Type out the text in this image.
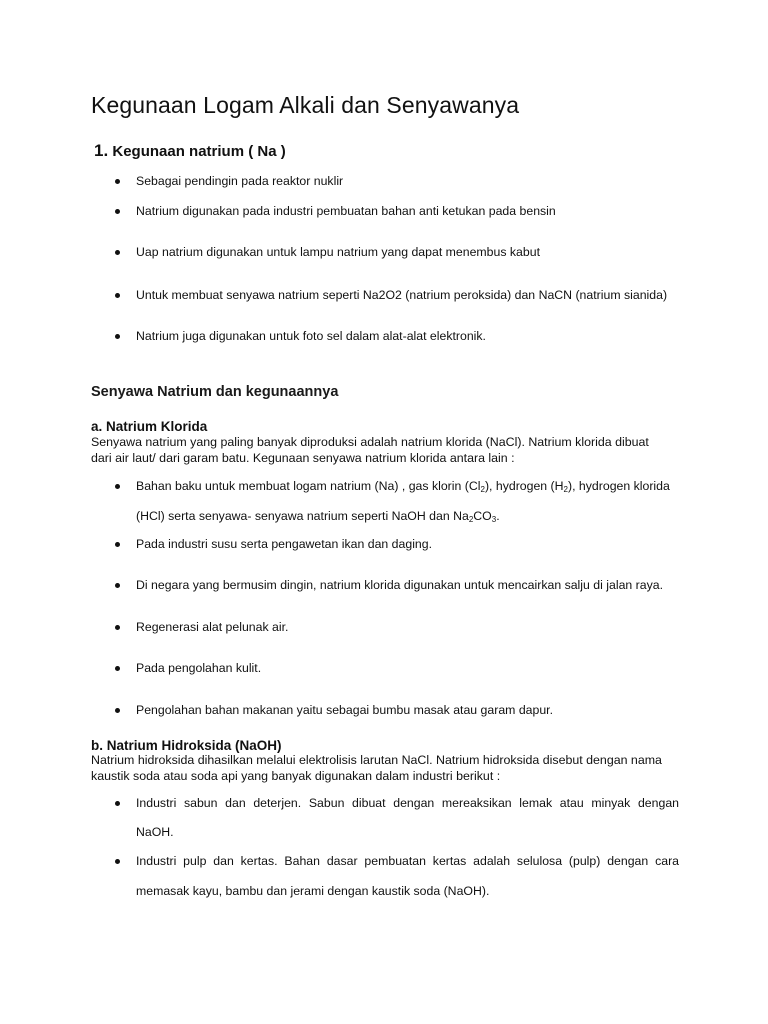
Kegunaan Logam Alkali dan Senyawanya
1. Kegunaan natrium ( Na )
Sebagai pendingin pada reaktor nuklir
Natrium digunakan pada industri pembuatan bahan anti ketukan pada bensin
Uap natrium digunakan untuk lampu natrium yang dapat menembus kabut
Untuk membuat senyawa natrium seperti Na2O2 (natrium peroksida) dan NaCN (natrium sianida)
Natrium juga digunakan untuk foto sel dalam alat-alat elektronik.
Senyawa Natrium dan kegunaannya
a. Natrium Klorida
Senyawa natrium yang paling banyak diproduksi adalah natrium klorida (NaCl). Natrium klorida dibuat
dari air laut/ dari garam batu. Kegunaan senyawa natrium klorida antara lain :
Bahan baku untuk membuat logam natrium (Na) , gas klorin $(Cl_2)$, hydrogen $(H_2)$, hydrogen klorida
(HCl) serta senyawa- senyawa natrium seperti NaOH dan $Na_2CO_3$.
Pada industri susu serta pengawetan ikan dan daging.
Di negara yang bermusim dingin, natrium klorida digunakan untuk mencairkan salju di jalan raya.
Regenerasi alat pelunak air.
Pada pengolahan kulit.
Pengolahan bahan makanan yaitu sebagai bumbu masak atau garam dapur.
b. Natrium Hidroksida (NaOH)
Natrium hidroksida dihasilkan melalui elektrolisis larutan NaCl. Natrium hidroksida disebut dengan nama
kaustik soda atau soda api yang banyak digunakan dalam industri berikut :
Industri sabun dan deterjen. Sabun dibuat dengan mereaksikan lemak atau minyak dengan
NaOH.
Industri pulp dan kertas. Bahan dasar pembuatan kertas adalah selulosa (pulp) dengan cara
memasak kayu, bambu dan jerami dengan kaustik soda (NaOH).
